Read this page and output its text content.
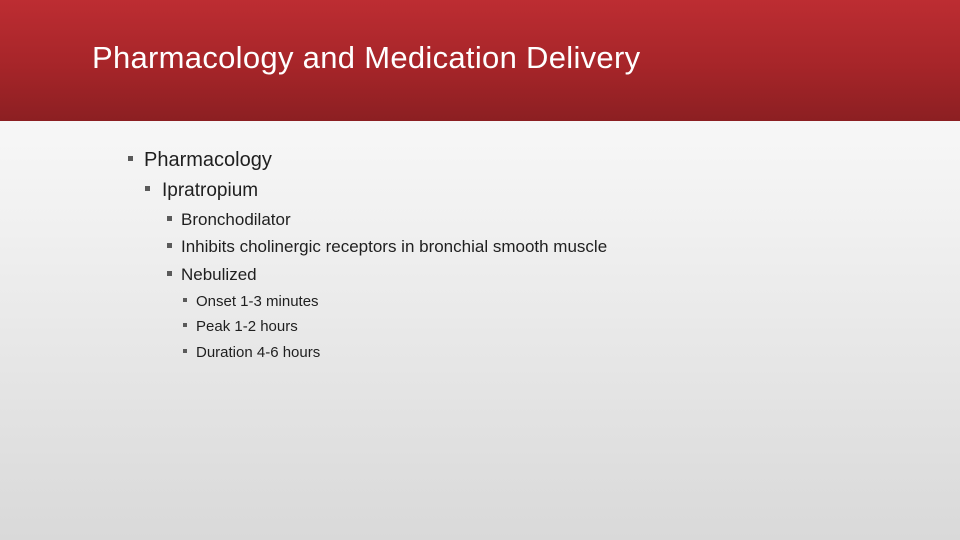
Pharmacology and Medication Delivery
Pharmacology
Ipratropium
Bronchodilator
Inhibits cholinergic receptors in bronchial smooth muscle
Nebulized
Onset 1-3 minutes
Peak 1-2 hours
Duration 4-6 hours
